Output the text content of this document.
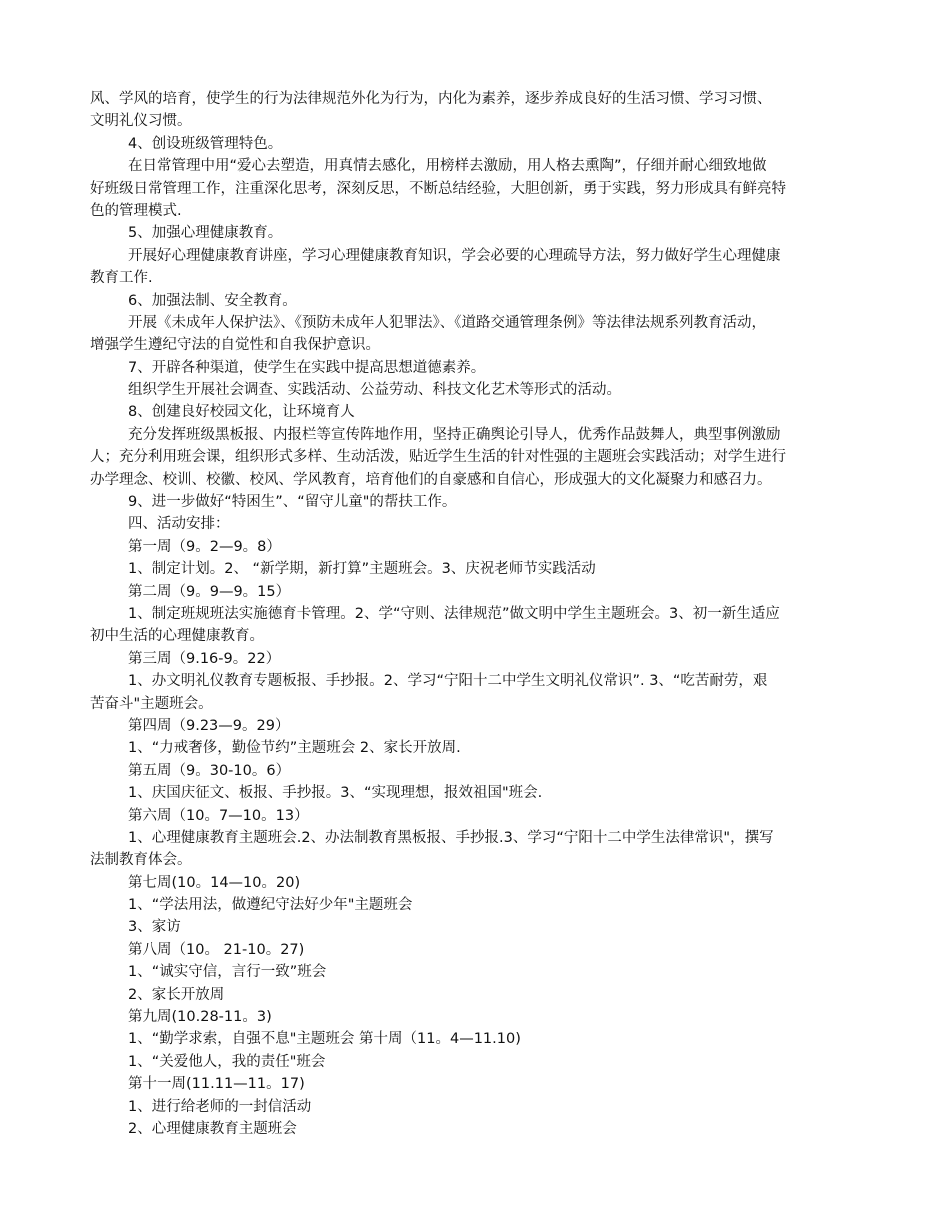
风、学风的培育，使学生的行为法律规范外化为行为，内化为素养，逐步养成良好的生活习惯、学习习惯、

文明礼仪习惯。

4、创设班级管理特色。

在日常管理中用“爱心去塑造，用真情去感化，用榜样去激励，用人格去熏陶”，仔细并耐心细致地做

好班级日常管理工作，注重深化思考，深刻反思，不断总结经验，大胆创新，勇于实践，努力形成具有鲜亮特

色的管理模式.

5、加强心理健康教育。

开展好心理健康教育讲座，学习心理健康教育知识，学会必要的心理疏导方法，努力做好学生心理健康

教育工作.

6、加强法制、安全教育。

开展《未成年人保护法》、《预防未成年人犯罪法》、《道路交通管理条例》等法律法规系列教育活动，

增强学生遵纪守法的自觉性和自我保护意识。

7、开辟各种渠道，使学生在实践中提高思想道德素养。

组织学生开展社会调查、实践活动、公益劳动、科技文化艺术等形式的活动。

8、创建良好校园文化，让环境育人

充分发挥班级黑板报、内报栏等宣传阵地作用，坚持正确舆论引导人，优秀作品鼓舞人，典型事例激励

人；充分利用班会课，组织形式多样、生动活泼，贴近学生生活的针对性强的主题班会实践活动；对学生进行

办学理念、校训、校徽、校风、学风教育，培育他们的自豪感和自信心，形成强大的文化凝聚力和感召力。

9、进一步做好“特困生”、“留守儿童"的帮扶工作。

四、活动安排：

第一周（9。2—9。8）

1、制定计划。2、 “新学期，新打算”主题班会。3、庆祝老师节实践活动

第二周（9。9—9。15）

1、制定班规班法实施德育卡管理。2、学“守则、法律规范”做文明中学生主题班会。3、初一新生适应

初中生活的心理健康教育。

第三周（9.16-9。22）

1、办文明礼仪教育专题板报、手抄报。2、学习“宁阳十二中学生文明礼仪常识”. 3、“吃苦耐劳，艰

苦奋斗"主题班会。

第四周（9.23—9。29）

1、“力戒奢侈，勤俭节约”主题班会 2、家长开放周.

第五周（9。30-10。6）

1、庆国庆征文、板报、手抄报。3、“实现理想，报效祖国"班会.

第六周（10。7—10。13）

1、心理健康教育主题班会.2、办法制教育黑板报、手抄报.3、学习“宁阳十二中学生法律常识"，撰写

法制教育体会。

第七周(10。14—10。20)

1、“学法用法，做遵纪守法好少年"主题班会

3、家访

第八周（10。 21-10。27)

1、“诚实守信，言行一致”班会

2、家长开放周

第九周(10.28-11。3)

1、“勤学求索，自强不息"主题班会 第十周（11。4—11.10)

1、“关爱他人，我的责任"班会

第十一周(11.11—11。17)

1、进行给老师的一封信活动

2、心理健康教育主题班会
